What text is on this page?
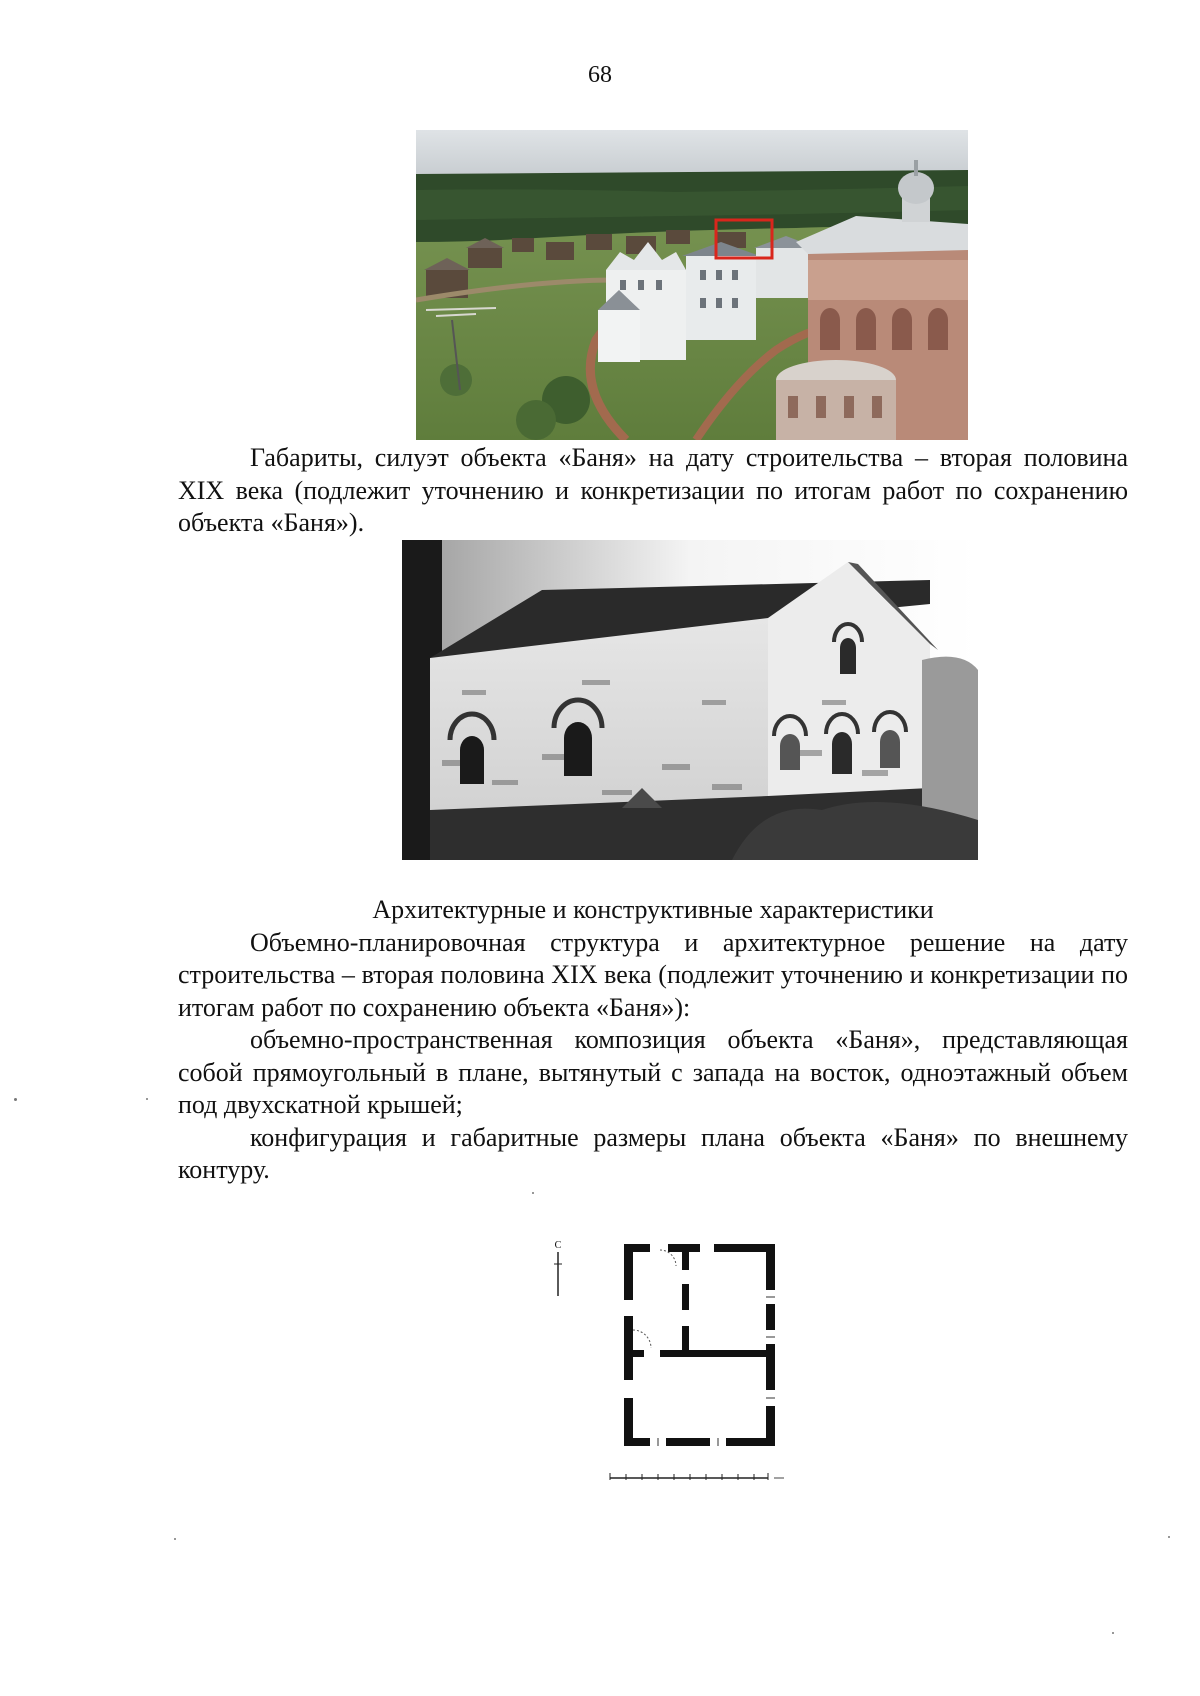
68

Габариты, силуэт объекта «Баня» на дату строительства – вторая половина XIX века (подлежит уточнению и конкретизации по итогам работ по сохранению объекта «Баня»).

Архитектурные и конструктивные характеристики

Объемно-планировочная структура и архитектурное решение на дату строительства – вторая половина XIX века (подлежит уточнению и конкретизации по итогам работ по сохранению объекта «Баня»):

объемно-пространственная композиция объекта «Баня», представляющая собой прямоугольный в плане, вытянутый с запада на восток, одноэтажный объем под двухскатной крышей;

конфигурация и габаритные размеры плана объекта «Баня» по внешнему контуру.

С
